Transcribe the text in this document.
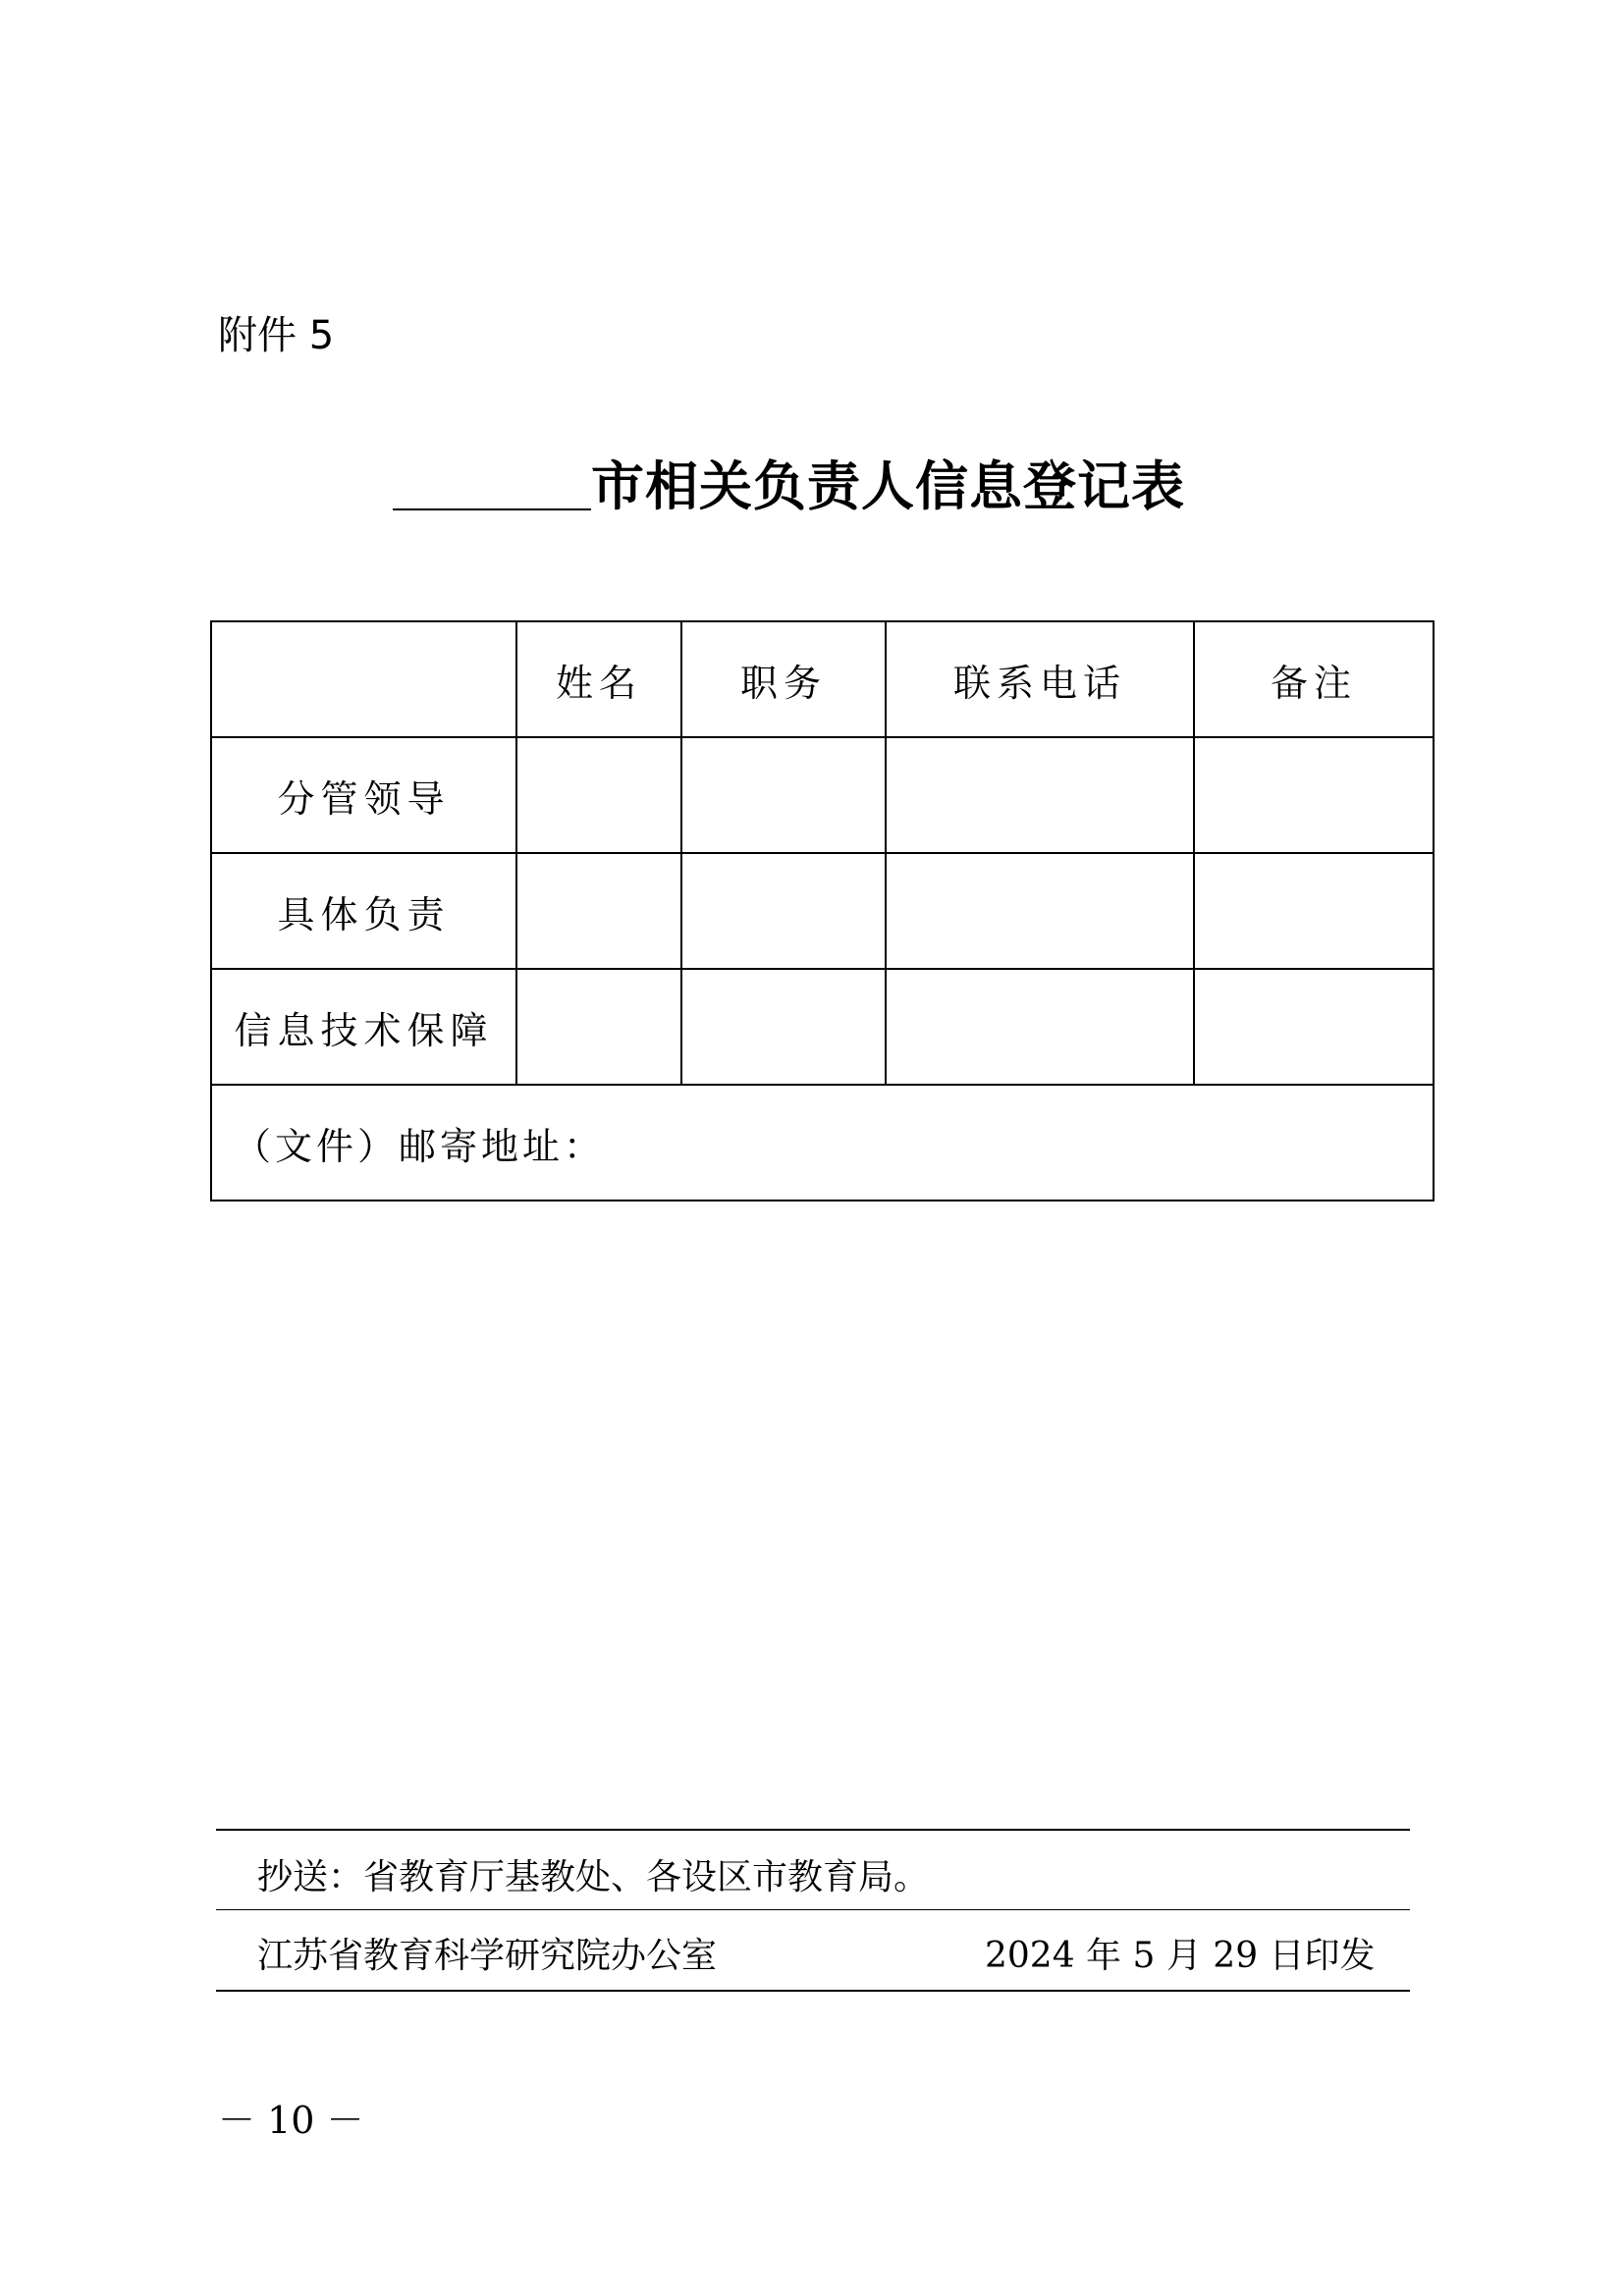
附件 5
市相关负责人信息登记表
	姓名	职务	联系电话	备注
分管领导				
具体负责				
信息技术保障				
（文件）邮寄地址：				
抄送：省教育厅基教处、各设区市教育局。
江苏省教育科学研究院办公室	2024 年 5 月 29 日印发
－ 10 －
